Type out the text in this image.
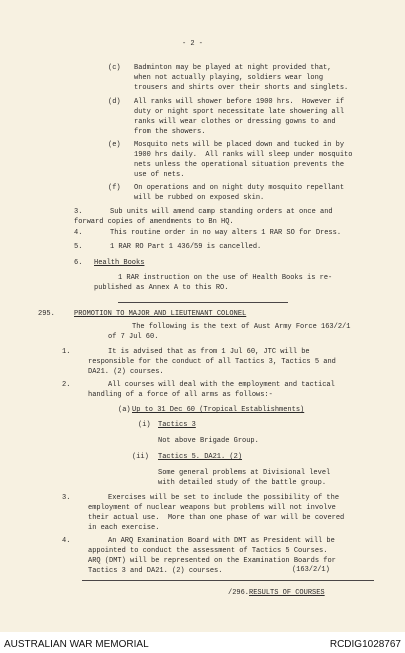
- 2 -
(c) Badminton may be played at night provided that,
when not actually playing, soldiers wear long
trousers and shirts over their shorts and singlets.
(d) All ranks will shower before 1900 hrs.  However if
duty or night sport necessitate late showering all
ranks will wear clothes or dressing gowns to and
from the showers.
(e) Mosquito nets will be placed down and tucked in by
1900 hrs daily.  All ranks will sleep under mosquito
nets unless the operational situation prevents the
use of nets.
(f) On operations and on night duty mosquito repellant
will be rubbed on exposed skin.
3.	Sub units will amend camp standing orders at once and
forward copies of amendments to Bn HQ.
4.	This routine order in no way alters 1 RAR SO for Dress.
5.	1 RAR RO Part 1 436/59 is cancelled.
6. Health Books
1 RAR instruction on the use of Health Books is re-
published as Annex A to this RO.
295.	PROMOTION TO MAJOR AND LIEUTENANT COLONEL
The following is the text of Aust Army Force 163/2/1
of 7 Jul 60.
1.	It is advised that as from 1 Jul 60, JTC will be
responsible for the conduct of all Tactics 3, Tactics 5 and
DA21. (2) courses.
2.	All courses will deal with the employment and tactical
handling of a force of all arms as follows:-
(a) Up to 31 Dec 60 (Tropical Establishments)
(i) Tactics 3
Not above Brigade Group.
(ii) Tactics 5. DA21. (2)
Some general problems at Divisional level
with detailed study of the battle group.
3.	Exercises will be set to include the possibility of the
employment of nuclear weapons but problems will not involve
their actual use.  More than one phase of war will be covered
in each exercise.
4.	An ARQ Examination Board with DMT as President will be
appointed to conduct the assessment of Tactics 5 Courses.
ARQ (DMT) will be represented on the Examination Boards for
Tactics 3 and DA21. (2) courses.	(163/2/1)
/296.RESULTS OF COURSES
AUSTRALIAN WAR MEMORIAL	RCDIG1028767
